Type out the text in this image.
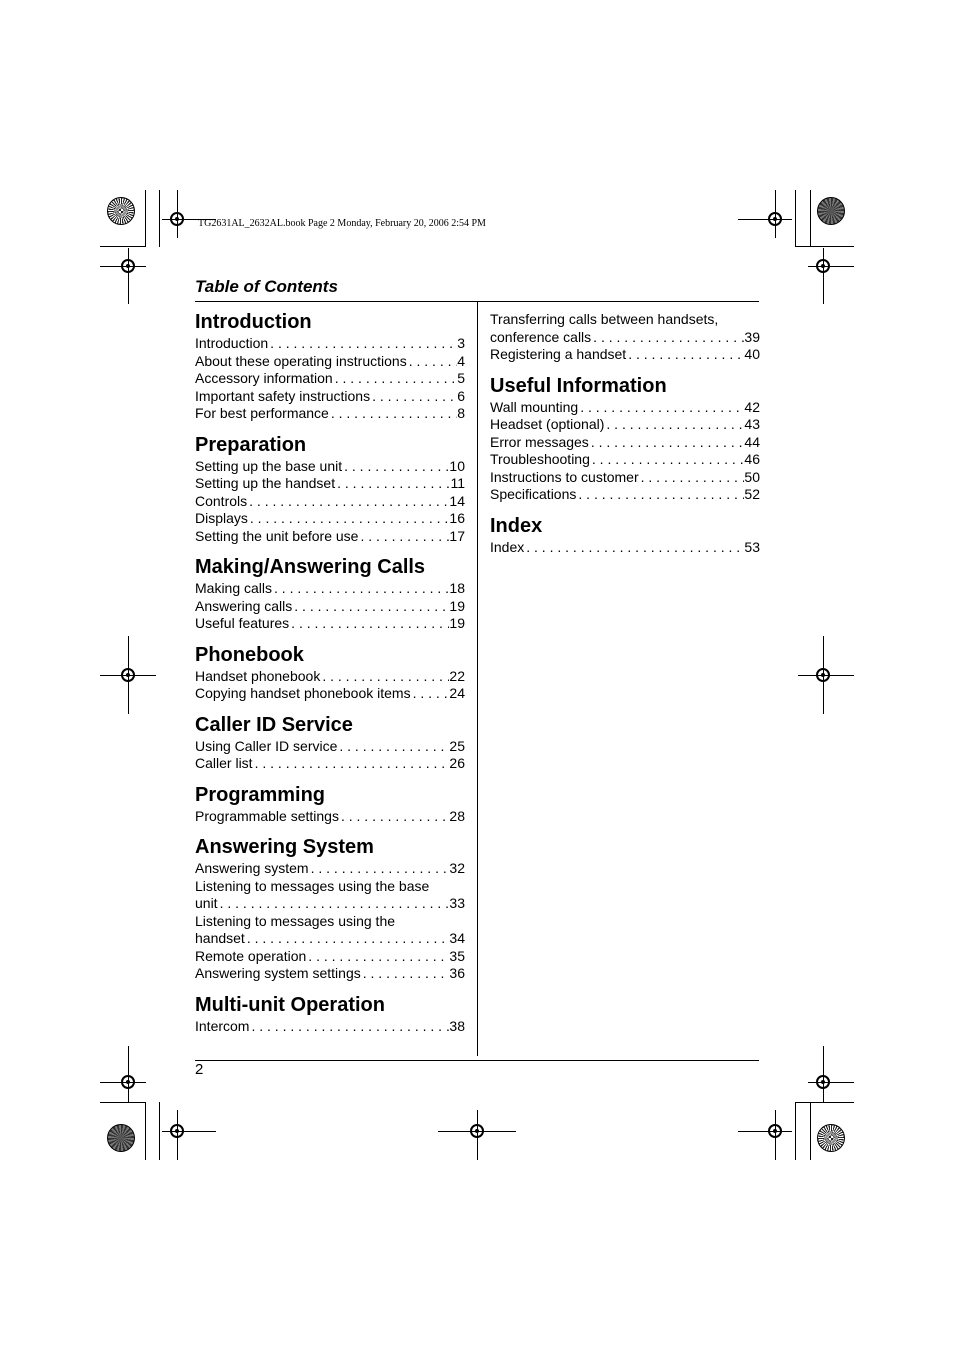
TG2631AL_2632AL.book Page 2 Monday, February 20, 2006 2:54 PM
Table of Contents
Introduction
Introduction . . .	3
About these operating instructions . . .	4
Accessory information . . .	5
Important safety instructions . . .	6
For best performance . . .	8
Preparation
Setting up the base unit . . .	10
Setting up the handset . . .	11
Controls . . .	14
Displays . . .	16
Setting the unit before use . . .	17
Making/Answering Calls
Making calls . . .	18
Answering calls . . .	19
Useful features . . .	19
Phonebook
Handset phonebook . . .	22
Copying handset phonebook items . . .	24
Caller ID Service
Using Caller ID service . . .	25
Caller list . . .	26
Programming
Programmable settings . . .	28
Answering System
Answering system . . .	32
Listening to messages using the base
unit . . .	33
Listening to messages using the
handset . . .	34
Remote operation . . .	35
Answering system settings . . .	36
Multi-unit Operation
Intercom . . .	38
Transferring calls between handsets,
conference calls . . .	39
Registering a handset . . .	40
Useful Information
Wall mounting . . .	42
Headset (optional) . . .	43
Error messages . . .	44
Troubleshooting . . .	46
Instructions to customer . . .	50
Specifications . . .	52
Index
Index . . .	53
2
